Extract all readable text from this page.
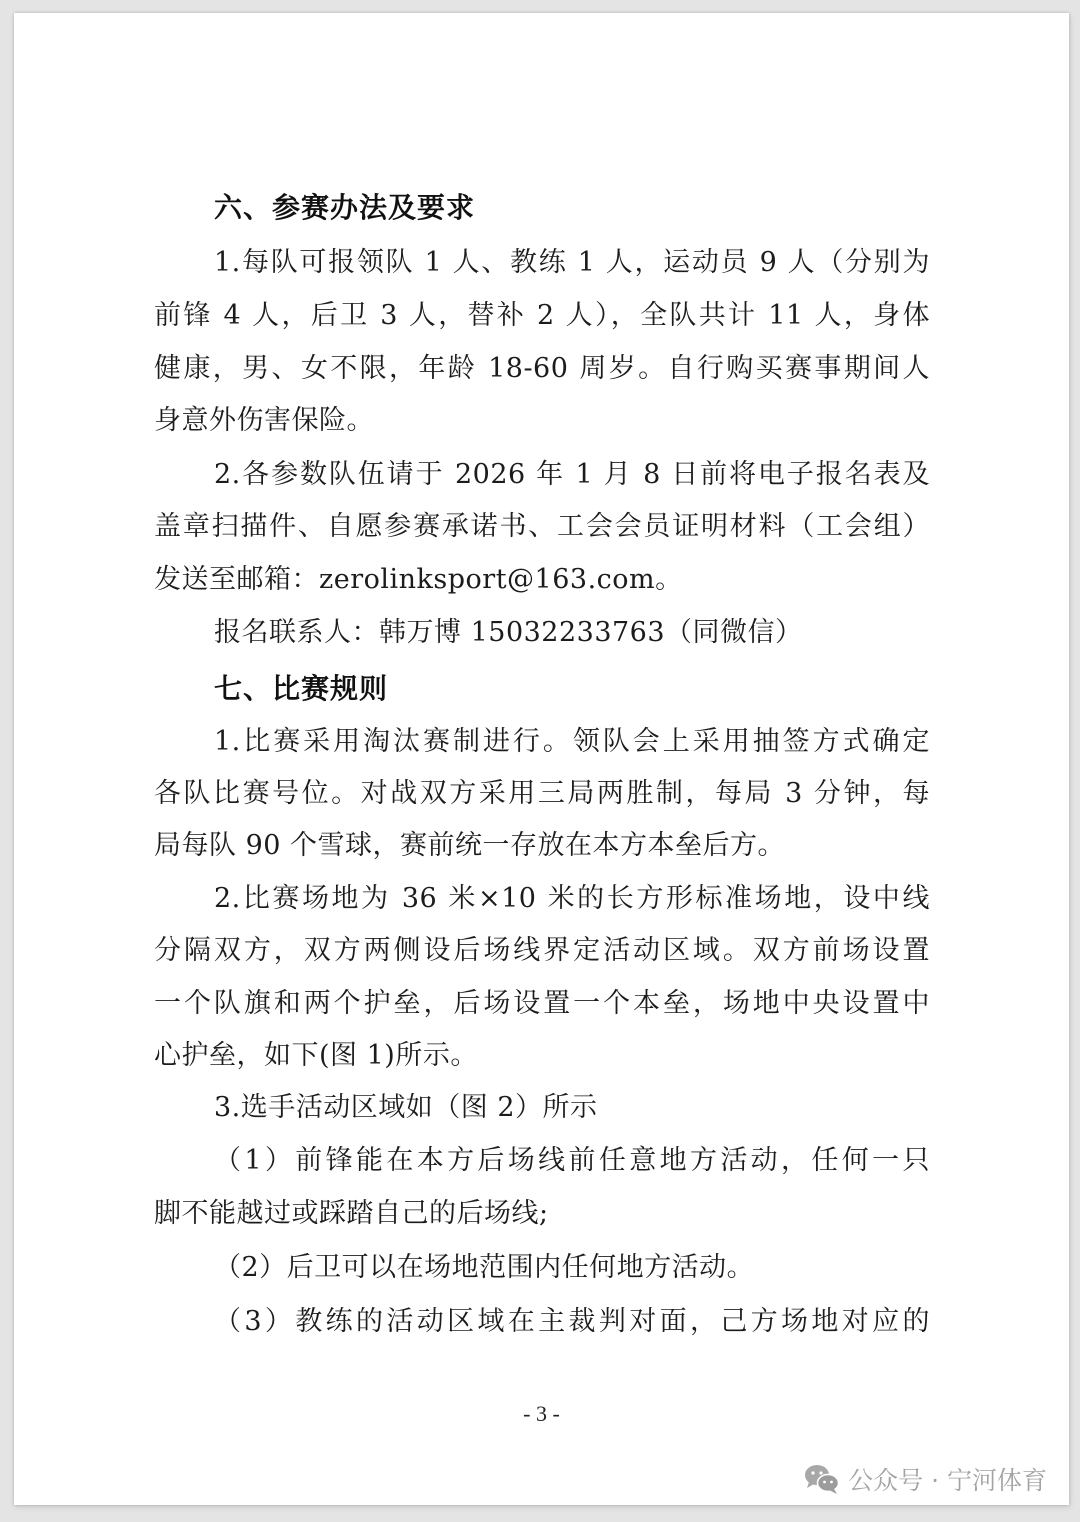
六、参赛办法及要求
1.每队可报领队 1 人、教练 1 人，运动员 9 人（分别为
前锋 4 人，后卫 3 人，替补 2 人），全队共计 11 人，身体
健康，男、女不限，年龄 18-60 周岁。自行购买赛事期间人
身意外伤害保险。
2.各参数队伍请于 2026 年 1 月 8 日前将电子报名表及
盖章扫描件、自愿参赛承诺书、工会会员证明材料（工会组）
发送至邮箱：zerolinksport@163.com。
报名联系人：韩万博 15032233763（同微信）
七、比赛规则
1.比赛采用淘汰赛制进行。领队会上采用抽签方式确定
各队比赛号位。对战双方采用三局两胜制，每局 3 分钟，每
局每队 90 个雪球，赛前统一存放在本方本垒后方。
2.比赛场地为 36 米×10 米的长方形标准场地，设中线
分隔双方，双方两侧设后场线界定活动区域。双方前场设置
一个队旗和两个护垒，后场设置一个本垒，场地中央设置中
心护垒，如下(图 1)所示。
3.选手活动区域如（图 2）所示
（1）前锋能在本方后场线前任意地方活动，任何一只
脚不能越过或踩踏自己的后场线;
（2）后卫可以在场地范围内任何地方活动。
（3）教练的活动区域在主裁判对面，己方场地对应的
- 3 -
公众号 · 宁河体育
